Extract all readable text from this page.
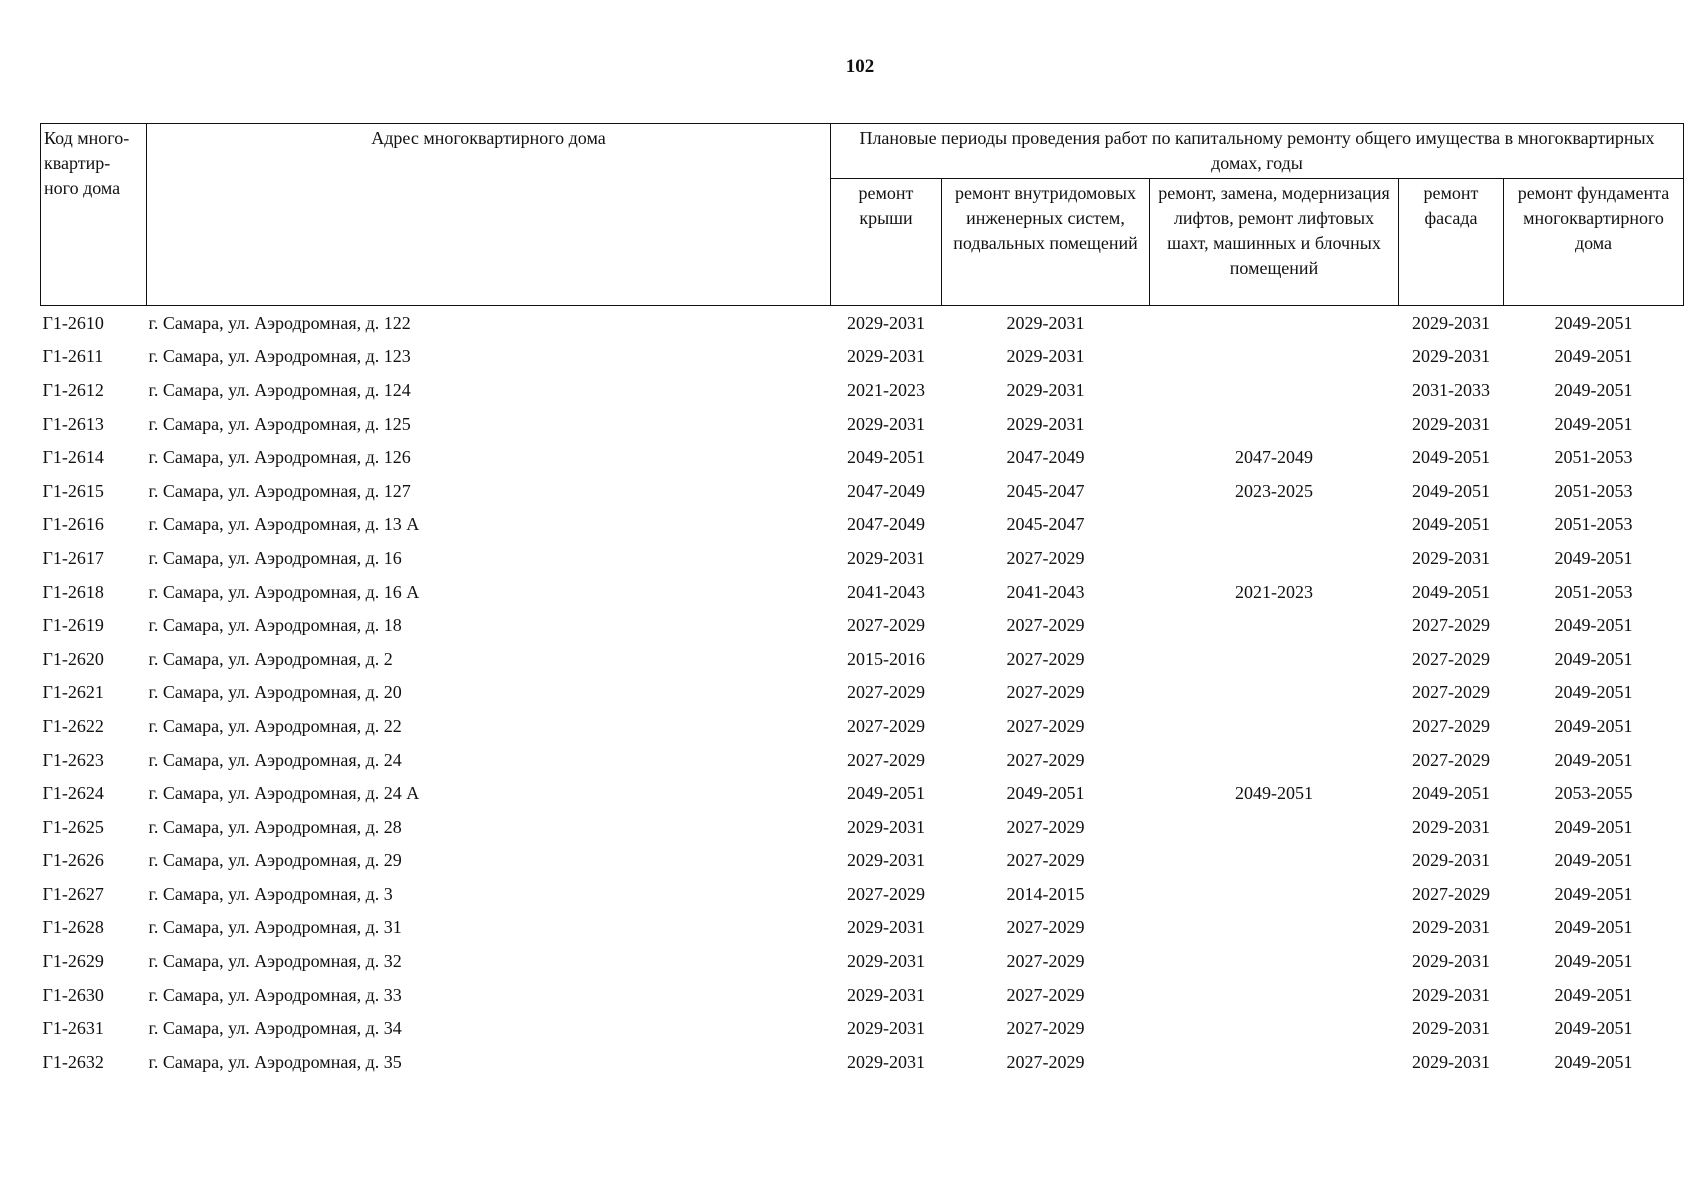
102
Код много-квартир-ного дома	Адрес многоквартирного дома	Плановые периоды проведения работ по капитальному ремонту общего имущества в многоквартирных домах, годы				
		ремонт крыши	ремонт внутридомовых инженерных систем, подвальных помещений	ремонт, замена, модернизация лифтов, ремонт лифтовых шахт, машинных и блочных помещений	ремонт фасада	ремонт фундамента многоквартирного дома
Г1-2610	г. Самара, ул. Аэродромная, д. 122	2029-2031	2029-2031		2029-2031	2049-2051
Г1-2611	г. Самара, ул. Аэродромная, д. 123	2029-2031	2029-2031		2029-2031	2049-2051
Г1-2612	г. Самара, ул. Аэродромная, д. 124	2021-2023	2029-2031		2031-2033	2049-2051
Г1-2613	г. Самара, ул. Аэродромная, д. 125	2029-2031	2029-2031		2029-2031	2049-2051
Г1-2614	г. Самара, ул. Аэродромная, д. 126	2049-2051	2047-2049	2047-2049	2049-2051	2051-2053
Г1-2615	г. Самара, ул. Аэродромная, д. 127	2047-2049	2045-2047	2023-2025	2049-2051	2051-2053
Г1-2616	г. Самара, ул. Аэродромная, д. 13 А	2047-2049	2045-2047		2049-2051	2051-2053
Г1-2617	г. Самара, ул. Аэродромная, д. 16	2029-2031	2027-2029		2029-2031	2049-2051
Г1-2618	г. Самара, ул. Аэродромная, д. 16 А	2041-2043	2041-2043	2021-2023	2049-2051	2051-2053
Г1-2619	г. Самара, ул. Аэродромная, д. 18	2027-2029	2027-2029		2027-2029	2049-2051
Г1-2620	г. Самара, ул. Аэродромная, д. 2	2015-2016	2027-2029		2027-2029	2049-2051
Г1-2621	г. Самара, ул. Аэродромная, д. 20	2027-2029	2027-2029		2027-2029	2049-2051
Г1-2622	г. Самара, ул. Аэродромная, д. 22	2027-2029	2027-2029		2027-2029	2049-2051
Г1-2623	г. Самара, ул. Аэродромная, д. 24	2027-2029	2027-2029		2027-2029	2049-2051
Г1-2624	г. Самара, ул. Аэродромная, д. 24 А	2049-2051	2049-2051	2049-2051	2049-2051	2053-2055
Г1-2625	г. Самара, ул. Аэродромная, д. 28	2029-2031	2027-2029		2029-2031	2049-2051
Г1-2626	г. Самара, ул. Аэродромная, д. 29	2029-2031	2027-2029		2029-2031	2049-2051
Г1-2627	г. Самара, ул. Аэродромная, д. 3	2027-2029	2014-2015		2027-2029	2049-2051
Г1-2628	г. Самара, ул. Аэродромная, д. 31	2029-2031	2027-2029		2029-2031	2049-2051
Г1-2629	г. Самара, ул. Аэродромная, д. 32	2029-2031	2027-2029		2029-2031	2049-2051
Г1-2630	г. Самара, ул. Аэродромная, д. 33	2029-2031	2027-2029		2029-2031	2049-2051
Г1-2631	г. Самара, ул. Аэродромная, д. 34	2029-2031	2027-2029		2029-2031	2049-2051
Г1-2632	г. Самара, ул. Аэродромная, д. 35	2029-2031	2027-2029		2029-2031	2049-2051
